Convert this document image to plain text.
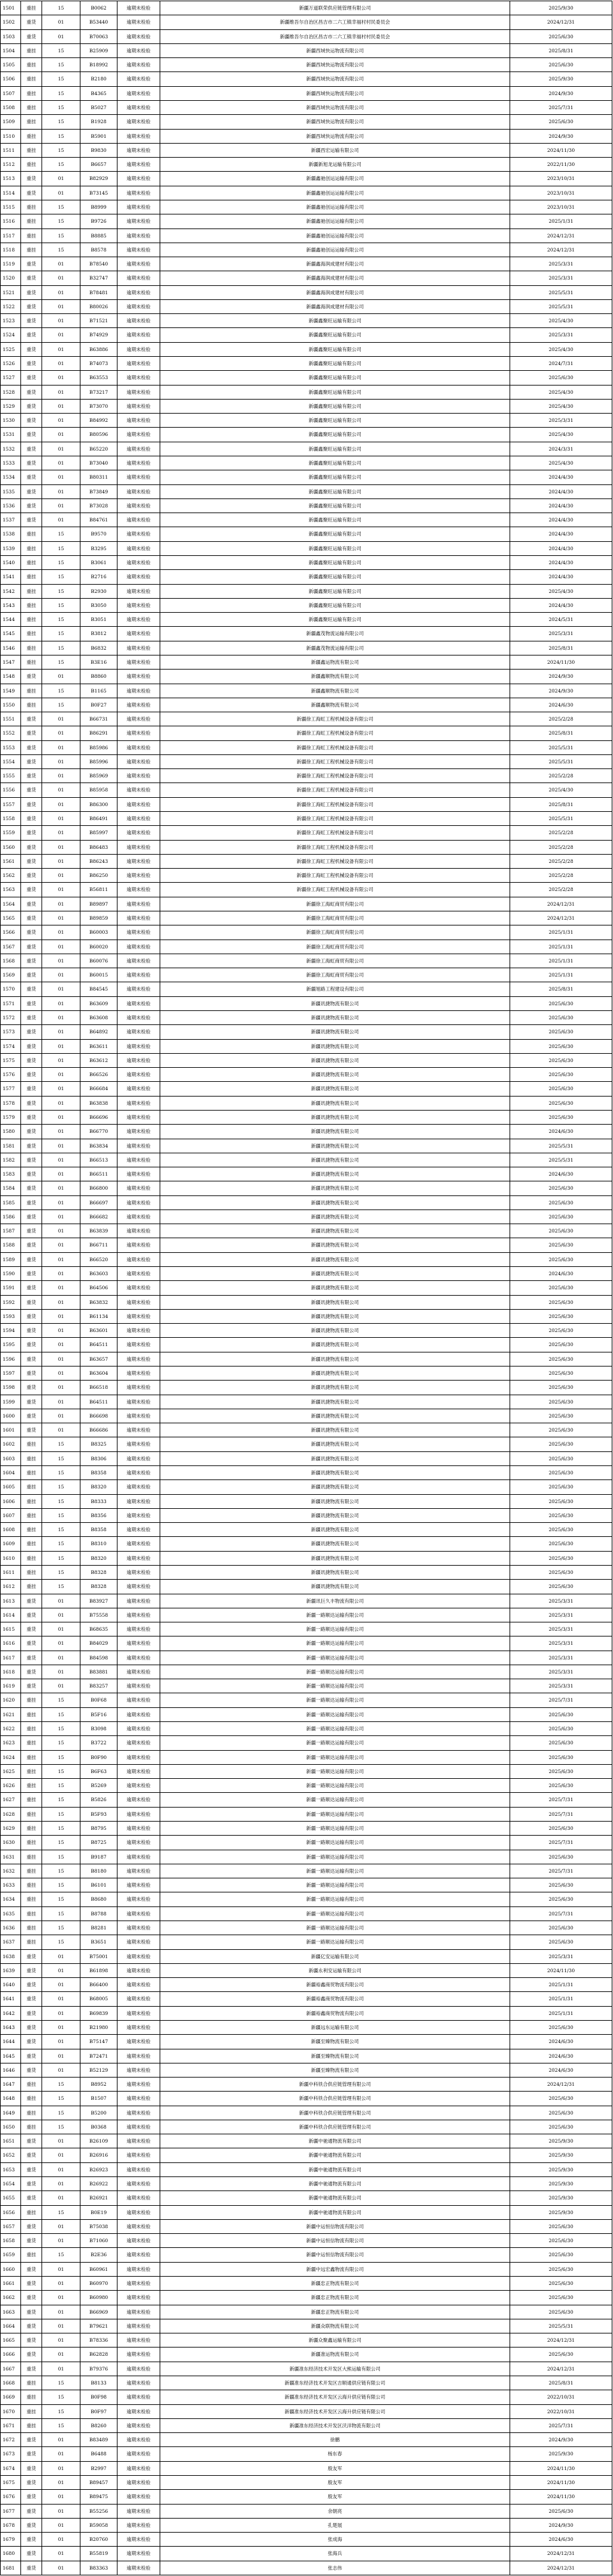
1501	重挂	15	B0062	逾期未检验	新疆万道联荣供应链管理有限公司	2025/9/30
1502	重货	01	B53440	逾期未检验	新疆维吾尔自治区昌吉市二六工镇幸福村村民委员会	2024/12/31
1503	重货	01	B70063	逾期未检验	新疆维吾尔自治区昌吉市二六工镇幸福村村民委员会	2025/6/30
1504	重挂	15	B25909	逾期未检验	新疆西域快运物流有限公司	2025/8/31
1505	重挂	15	B18992	逾期未检验	新疆西域快运物流有限公司	2025/6/30
1506	重挂	15	B2180	逾期未检验	新疆西域快运物流有限公司	2025/9/30
1507	重挂	15	B4365	逾期未检验	新疆西域快运物流有限公司	2024/9/30
1508	重挂	15	B5027	逾期未检验	新疆西域快运物流有限公司	2025/7/31
1509	重挂	15	B1928	逾期未检验	新疆西域快运物流有限公司	2025/6/30
1510	重挂	15	B5901	逾期未检验	新疆西域快运物流有限公司	2024/9/30
1511	重挂	15	B9830	逾期未检验	新疆西宏运输有限公司	2024/11/30
1512	重挂	15	B6657	逾期未检验	新疆新旭龙运输有限公司	2022/11/30
1513	重货	01	B82929	逾期未检验	新疆鑫驰创运运输有限公司	2023/10/31
1514	重货	01	B73145	逾期未检验	新疆鑫驰创运运输有限公司	2023/10/31
1515	重挂	15	B8999	逾期未检验	新疆鑫驰创运运输有限公司	2023/10/31
1516	重挂	15	B9726	逾期未检验	新疆鑫驰创运运输有限公司	2025/1/31
1517	重挂	15	B8885	逾期未检验	新疆鑫驰创运运输有限公司	2024/12/31
1518	重挂	15	B8578	逾期未检验	新疆鑫驰创运运输有限公司	2024/12/31
1519	重货	01	B78540	逾期未检验	新疆鑫海润成建材有限公司	2025/3/31
1520	重货	01	B32747	逾期未检验	新疆鑫海润成建材有限公司	2025/3/31
1521	重货	01	B78481	逾期未检验	新疆鑫海润成建材有限公司	2025/5/31
1522	重货	01	B80026	逾期未检验	新疆鑫海润成建材有限公司	2025/5/31
1523	重货	01	B71521	逾期未检验	新疆鑫聚旺运输有限公司	2025/4/30
1524	重货	01	B74929	逾期未检验	新疆鑫聚旺运输有限公司	2025/3/31
1525	重货	01	B63886	逾期未检验	新疆鑫聚旺运输有限公司	2025/4/30
1526	重货	01	B74073	逾期未检验	新疆鑫聚旺运输有限公司	2024/7/31
1527	重货	01	B63553	逾期未检验	新疆鑫聚旺运输有限公司	2025/6/30
1528	重货	01	B73217	逾期未检验	新疆鑫聚旺运输有限公司	2025/4/30
1529	重货	01	B73070	逾期未检验	新疆鑫聚旺运输有限公司	2025/4/30
1530	重货	01	B84992	逾期未检验	新疆鑫聚旺运输有限公司	2025/3/31
1531	重货	01	B80596	逾期未检验	新疆鑫聚旺运输有限公司	2025/4/30
1532	重货	01	B65220	逾期未检验	新疆鑫聚旺运输有限公司	2024/3/31
1533	重货	01	B73040	逾期未检验	新疆鑫聚旺运输有限公司	2025/4/30
1534	重货	01	B80311	逾期未检验	新疆鑫聚旺运输有限公司	2024/4/30
1535	重货	01	B73849	逾期未检验	新疆鑫聚旺运输有限公司	2024/4/30
1536	重货	01	B73028	逾期未检验	新疆鑫聚旺运输有限公司	2024/4/30
1537	重货	01	B84761	逾期未检验	新疆鑫聚旺运输有限公司	2024/4/30
1538	重挂	15	B9570	逾期未检验	新疆鑫聚旺运输有限公司	2024/4/30
1539	重挂	15	B3295	逾期未检验	新疆鑫聚旺运输有限公司	2024/4/30
1540	重挂	15	B3061	逾期未检验	新疆鑫聚旺运输有限公司	2024/4/30
1541	重挂	15	B2716	逾期未检验	新疆鑫聚旺运输有限公司	2024/4/30
1542	重挂	15	B2930	逾期未检验	新疆鑫聚旺运输有限公司	2025/4/30
1543	重挂	15	B3050	逾期未检验	新疆鑫聚旺运输有限公司	2024/4/30
1544	重挂	15	B3051	逾期未检验	新疆鑫聚旺运输有限公司	2024/5/31
1545	重挂	15	B3812	逾期未检验	新疆鑫茂物流运输有限公司	2025/3/31
1546	重挂	15	B6832	逾期未检验	新疆鑫茂物流运输有限公司	2025/8/31
1547	重挂	15	B3E16	逾期未检验	新疆鑫运物流有限公司	2024/11/30
1548	重货	01	B8860	逾期未检验	新疆鑫顺物流有限公司	2024/9/30
1549	重挂	15	B1165	逾期未检验	新疆鑫顺物流有限公司	2024/9/30
1550	重挂	15	B0F27	逾期未检验	新疆鑫顺物流有限公司	2024/6/30
1551	重货	01	B66731	逾期未检验	新疆徐工海虹工程机械设备有限公司	2025/2/28
1552	重货	01	B86291	逾期未检验	新疆徐工海虹工程机械设备有限公司	2025/8/31
1553	重货	01	B85986	逾期未检验	新疆徐工海虹工程机械设备有限公司	2025/5/31
1554	重货	01	B85996	逾期未检验	新疆徐工海虹工程机械设备有限公司	2025/5/31
1555	重货	01	B85969	逾期未检验	新疆徐工海虹工程机械设备有限公司	2025/2/28
1556	重货	01	B85958	逾期未检验	新疆徐工海虹工程机械设备有限公司	2025/4/30
1557	重货	01	B86300	逾期未检验	新疆徐工海虹工程机械设备有限公司	2025/8/31
1558	重货	01	B86491	逾期未检验	新疆徐工海虹工程机械设备有限公司	2025/5/31
1559	重货	01	B85997	逾期未检验	新疆徐工海虹工程机械设备有限公司	2025/2/28
1560	重货	01	B86483	逾期未检验	新疆徐工海虹工程机械设备有限公司	2025/2/28
1561	重货	01	B86243	逾期未检验	新疆徐工海虹工程机械设备有限公司	2025/2/28
1562	重货	01	B86250	逾期未检验	新疆徐工海虹工程机械设备有限公司	2025/2/28
1563	重货	01	B56811	逾期未检验	新疆徐工海虹工程机械设备有限公司	2025/2/28
1564	重货	01	B89897	逾期未检验	新疆徐工海虹商贸有限公司	2024/12/31
1565	重货	01	B89859	逾期未检验	新疆徐工海虹商贸有限公司	2024/12/31
1566	重货	01	B60003	逾期未检验	新疆徐工海虹商贸有限公司	2025/1/31
1567	重货	01	B60020	逾期未检验	新疆徐工海虹商贸有限公司	2025/1/31
1568	重货	01	B60076	逾期未检验	新疆徐工海虹商贸有限公司	2025/1/31
1569	重货	01	B60015	逾期未检验	新疆徐工海虹商贸有限公司	2025/1/31
1570	重货	01	B84545	逾期未检验	新疆旭路工程建设有限公司	2025/8/31
1571	重货	01	B63609	逾期未检验	新疆讯捷物流有限公司	2025/6/30
1572	重货	01	B63608	逾期未检验	新疆讯捷物流有限公司	2025/6/30
1573	重货	01	B64892	逾期未检验	新疆讯捷物流有限公司	2025/6/30
1574	重货	01	B63611	逾期未检验	新疆讯捷物流有限公司	2025/6/30
1575	重货	01	B63612	逾期未检验	新疆讯捷物流有限公司	2025/6/30
1576	重货	01	B66526	逾期未检验	新疆讯捷物流有限公司	2025/6/30
1577	重货	01	B66684	逾期未检验	新疆讯捷物流有限公司	2025/6/30
1578	重货	01	B63838	逾期未检验	新疆讯捷物流有限公司	2025/6/30
1579	重货	01	B66696	逾期未检验	新疆讯捷物流有限公司	2025/6/30
1580	重货	01	B66770	逾期未检验	新疆讯捷物流有限公司	2024/6/30
1581	重货	01	B63834	逾期未检验	新疆讯捷物流有限公司	2025/5/31
1582	重货	01	B66513	逾期未检验	新疆讯捷物流有限公司	2025/5/31
1583	重货	01	B66511	逾期未检验	新疆讯捷物流有限公司	2024/6/30
1584	重货	01	B66800	逾期未检验	新疆讯捷物流有限公司	2025/6/30
1585	重货	01	B66697	逾期未检验	新疆讯捷物流有限公司	2025/6/30
1586	重货	01	B66682	逾期未检验	新疆讯捷物流有限公司	2025/6/30
1587	重货	01	B63839	逾期未检验	新疆讯捷物流有限公司	2025/6/30
1588	重货	01	B66711	逾期未检验	新疆讯捷物流有限公司	2025/6/30
1589	重货	01	B66520	逾期未检验	新疆讯捷物流有限公司	2025/6/30
1590	重货	01	B63603	逾期未检验	新疆讯捷物流有限公司	2024/6/30
1591	重货	01	B64506	逾期未检验	新疆讯捷物流有限公司	2025/6/30
1592	重货	01	B63832	逾期未检验	新疆讯捷物流有限公司	2025/6/30
1593	重货	01	B61134	逾期未检验	新疆讯捷物流有限公司	2025/6/30
1594	重货	01	B63601	逾期未检验	新疆讯捷物流有限公司	2025/6/30
1595	重货	01	B64511	逾期未检验	新疆讯捷物流有限公司	2025/6/30
1596	重货	01	B63657	逾期未检验	新疆讯捷物流有限公司	2025/6/30
1597	重货	01	B63604	逾期未检验	新疆讯捷物流有限公司	2025/6/30
1598	重货	01	B66518	逾期未检验	新疆讯捷物流有限公司	2025/6/30
1599	重货	01	B64511	逾期未检验	新疆讯捷物流有限公司	2025/6/30
1600	重货	01	B66698	逾期未检验	新疆讯捷物流有限公司	2025/6/30
1601	重货	01	B66686	逾期未检验	新疆讯捷物流有限公司	2025/6/30
1602	重挂	15	B8325	逾期未检验	新疆讯捷物流有限公司	2025/6/30
1603	重挂	15	B8306	逾期未检验	新疆讯捷物流有限公司	2025/6/30
1604	重挂	15	B8358	逾期未检验	新疆讯捷物流有限公司	2025/6/30
1605	重挂	15	B8320	逾期未检验	新疆讯捷物流有限公司	2025/6/30
1606	重挂	15	B8333	逾期未检验	新疆讯捷物流有限公司	2025/6/30
1607	重挂	15	B8356	逾期未检验	新疆讯捷物流有限公司	2025/6/30
1608	重挂	15	B8358	逾期未检验	新疆讯捷物流有限公司	2025/6/30
1609	重挂	15	B8310	逾期未检验	新疆讯捷物流有限公司	2025/6/30
1610	重挂	15	B8320	逾期未检验	新疆讯捷物流有限公司	2025/6/30
1611	重挂	15	B8328	逾期未检验	新疆讯捷物流有限公司	2025/6/30
1612	重挂	15	B8328	逾期未检验	新疆讯捷物流有限公司	2025/6/30
1613	重货	01	B83927	逾期未检验	新疆讯巨久丰物流有限公司	2025/3/31
1614	重货	01	B75558	逾期未检验	新疆一路顺达运输有限公司	2025/3/31
1615	重货	01	B68635	逾期未检验	新疆一路顺达运输有限公司	2025/3/31
1616	重货	01	B84029	逾期未检验	新疆一路顺达运输有限公司	2025/3/31
1617	重货	01	B84598	逾期未检验	新疆一路顺达运输有限公司	2025/3/31
1618	重货	01	B83881	逾期未检验	新疆一路顺达运输有限公司	2025/3/31
1619	重货	01	B83257	逾期未检验	新疆一路顺达运输有限公司	2025/3/31
1620	重挂	15	B0F68	逾期未检验	新疆一路顺达运输有限公司	2025/7/31
1621	重挂	15	B5F16	逾期未检验	新疆一路顺达运输有限公司	2025/6/30
1622	重挂	15	B3098	逾期未检验	新疆一路顺达运输有限公司	2025/6/30
1623	重挂	15	B3722	逾期未检验	新疆一路顺达运输有限公司	2025/6/30
1624	重挂	15	B0F90	逾期未检验	新疆一路顺达运输有限公司	2025/6/30
1625	重挂	15	B6F63	逾期未检验	新疆一路顺达运输有限公司	2025/6/30
1626	重挂	15	B5269	逾期未检验	新疆一路顺达运输有限公司	2025/6/30
1627	重挂	15	B5826	逾期未检验	新疆一路顺达运输有限公司	2025/7/31
1628	重挂	15	B5F93	逾期未检验	新疆一路顺达运输有限公司	2025/7/31
1629	重挂	15	B8795	逾期未检验	新疆一路顺达运输有限公司	2025/6/30
1630	重挂	15	B8725	逾期未检验	新疆一路顺达运输有限公司	2025/7/31
1631	重挂	15	B9187	逾期未检验	新疆一路顺达运输有限公司	2025/6/30
1632	重挂	15	B8180	逾期未检验	新疆一路顺达运输有限公司	2025/7/31
1633	重挂	15	B6101	逾期未检验	新疆一路顺达运输有限公司	2025/6/30
1634	重挂	15	B8680	逾期未检验	新疆一路顺达运输有限公司	2025/6/30
1635	重挂	15	B8788	逾期未检验	新疆一路顺达运输有限公司	2025/7/31
1636	重挂	15	B8281	逾期未检验	新疆一路顺达运输有限公司	2025/6/30
1637	重挂	15	B3651	逾期未检验	新疆一路顺达运输有限公司	2025/6/30
1638	重货	01	B75001	逾期未检验	新疆亿安运输有限公司	2025/3/31
1639	重货	01	B61898	逾期未检验	新疆永利安运输有限公司	2024/11/30
1640	重货	01	B66400	逾期未检验	新疆裕鑫商贸物流有限公司	2025/1/31
1641	重货	01	B68005	逾期未检验	新疆裕鑫商贸物流有限公司	2025/1/31
1642	重货	01	B69839	逾期未检验	新疆裕鑫商贸物流有限公司	2025/1/31
1643	重货	01	B21980	逾期未检验	新疆远东运输有限公司	2025/6/30
1644	重货	01	B75147	逾期未检验	新疆至臻物流有限公司	2024/6/30
1645	重货	01	B72471	逾期未检验	新疆至臻物流有限公司	2024/6/30
1646	重货	01	B52129	逾期未检验	新疆至臻物流有限公司	2024/6/30
1647	重挂	15	B8952	逾期未检验	新疆中科铁合供应链管理有限公司	2024/12/31
1648	重挂	15	B1507	逾期未检验	新疆中科铁合供应链管理有限公司	2025/6/30
1649	重挂	15	B5200	逾期未检验	新疆中科铁合供应链管理有限公司	2025/6/30
1650	重挂	15	B0368	逾期未检验	新疆中科铁合供应链管理有限公司	2025/6/30
1651	重货	01	B26109	逾期未检验	新疆中驰通物流有限公司	2025/9/30
1652	重货	01	B26916	逾期未检验	新疆中驰通物流有限公司	2025/9/30
1653	重货	01	B26923	逾期未检验	新疆中驰通物流有限公司	2025/9/30
1654	重货	01	B26922	逾期未检验	新疆中驰通物流有限公司	2025/9/30
1655	重货	01	B26921	逾期未检验	新疆中驰通物流有限公司	2025/9/30
1656	重挂	15	B0E19	逾期未检验	新疆中驰通物流有限公司	2025/9/30
1657	重货	01	B75038	逾期未检验	新疆中运恒信物流有限公司	2025/6/30
1658	重货	01	B71060	逾期未检验	新疆中运恒信物流有限公司	2025/6/30
1659	重挂	15	B2E36	逾期未检验	新疆中运恒信物流有限公司	2025/6/30
1660	重货	01	B60961	逾期未检验	新疆中远宏鑫物流有限公司	2025/6/30
1661	重货	01	B60970	逾期未检验	新疆忠正物流有限公司	2025/6/30
1662	重货	01	B60980	逾期未检验	新疆忠正物流有限公司	2025/6/30
1663	重货	01	B66969	逾期未检验	新疆忠正物流有限公司	2025/6/30
1664	重货	01	B79621	逾期未检验	新疆众联物流有限公司	2025/5/31
1665	重货	01	B78336	逾期未检验	新疆众聚鑫运输有限公司	2024/12/31
1666	重货	01	B62828	逾期未检验	新疆准运物流有限公司	2025/6/30
1667	重货	01	B79376	逾期未检验	新疆准东经济技术开发区大熊运输有限公司	2024/12/31
1668	重挂	15	B8133	逾期未检验	新疆准东经济技术开发区吉顺通供应链有限公司	2025/8/31
1669	重挂	15	B0F98	逾期未检验	新疆准东经济技术开发区云海升供应链有限公司	2022/10/31
1670	重挂	15	B0F97	逾期未检验	新疆准东经济技术开发区云海升供应链有限公司	2022/10/31
1671	重挂	15	B8260	逾期未检验	新疆准东经济技术开发区沃洋物流有限公司	2025/7/31
1672	重货	01	B83489	逾期未检验	徐鹏	2024/9/30
1673	重货	01	B6488	逾期未检验	杨东春	2025/9/30
1674	重货	01	B2997	逾期未检验	殷友军	2024/11/30
1675	重货	01	B89457	逾期未检验	殷友军	2024/11/30
1676	重货	01	B89475	逾期未检验	殷友军	2024/11/30
1677	重货	01	B55256	逾期未检验	余朝亮	2025/6/30
1678	重货	01	B59058	逾期未检验	孔楚展	2024/9/30
1679	重货	01	B20760	逾期未检验	张成海	2024/6/30
1680	重货	01	B55819	逾期未检验	张海兵	2024/12/31
1681	重货	01	B83363	逾期未检验	张志伟	2024/12/31
